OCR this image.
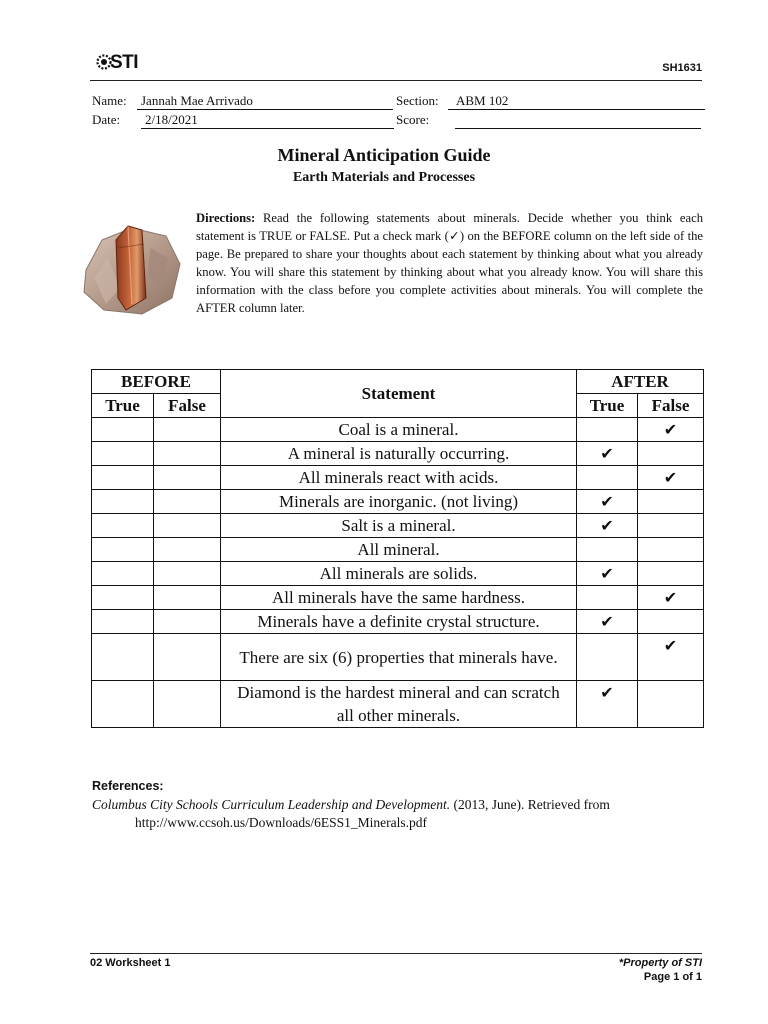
STI	SH1631
Name:	Jannah Mae Arrivado	Section:	ABM 102
Date:	2/18/2021	Score:
Mineral Anticipation Guide
Earth Materials and Processes
Directions: Read the following statements about minerals. Decide whether you think each statement is TRUE or FALSE. Put a check mark (✓) on the BEFORE column on the left side of the page. Be prepared to share your thoughts about each statement by thinking about what you already know. You will share this statement by thinking about what you already know. You will share this information with the class before you complete activities about minerals. You will complete the AFTER column later.
BEFORE		Statement	AFTER	
True	False		True	False
		Coal is a mineral.		✔
		A mineral is naturally occurring.	✔	
		All minerals react with acids.		✔
		Minerals are inorganic. (not living)	✔	
		Salt is a mineral.	✔	
		All mineral.		
		All minerals are solids.	✔	
		All minerals have the same hardness.		✔
		Minerals have a definite crystal structure.	✔	
		There are six (6) properties that minerals have.		✔
		Diamond is the hardest mineral and can scratch all other minerals.	✔	
References:
Columbus City Schools Curriculum Leadership and Development. (2013, June). Retrieved from
http://www.ccsoh.us/Downloads/6ESS1_Minerals.pdf
02 Worksheet 1	*Property of STI
Page 1 of 1
